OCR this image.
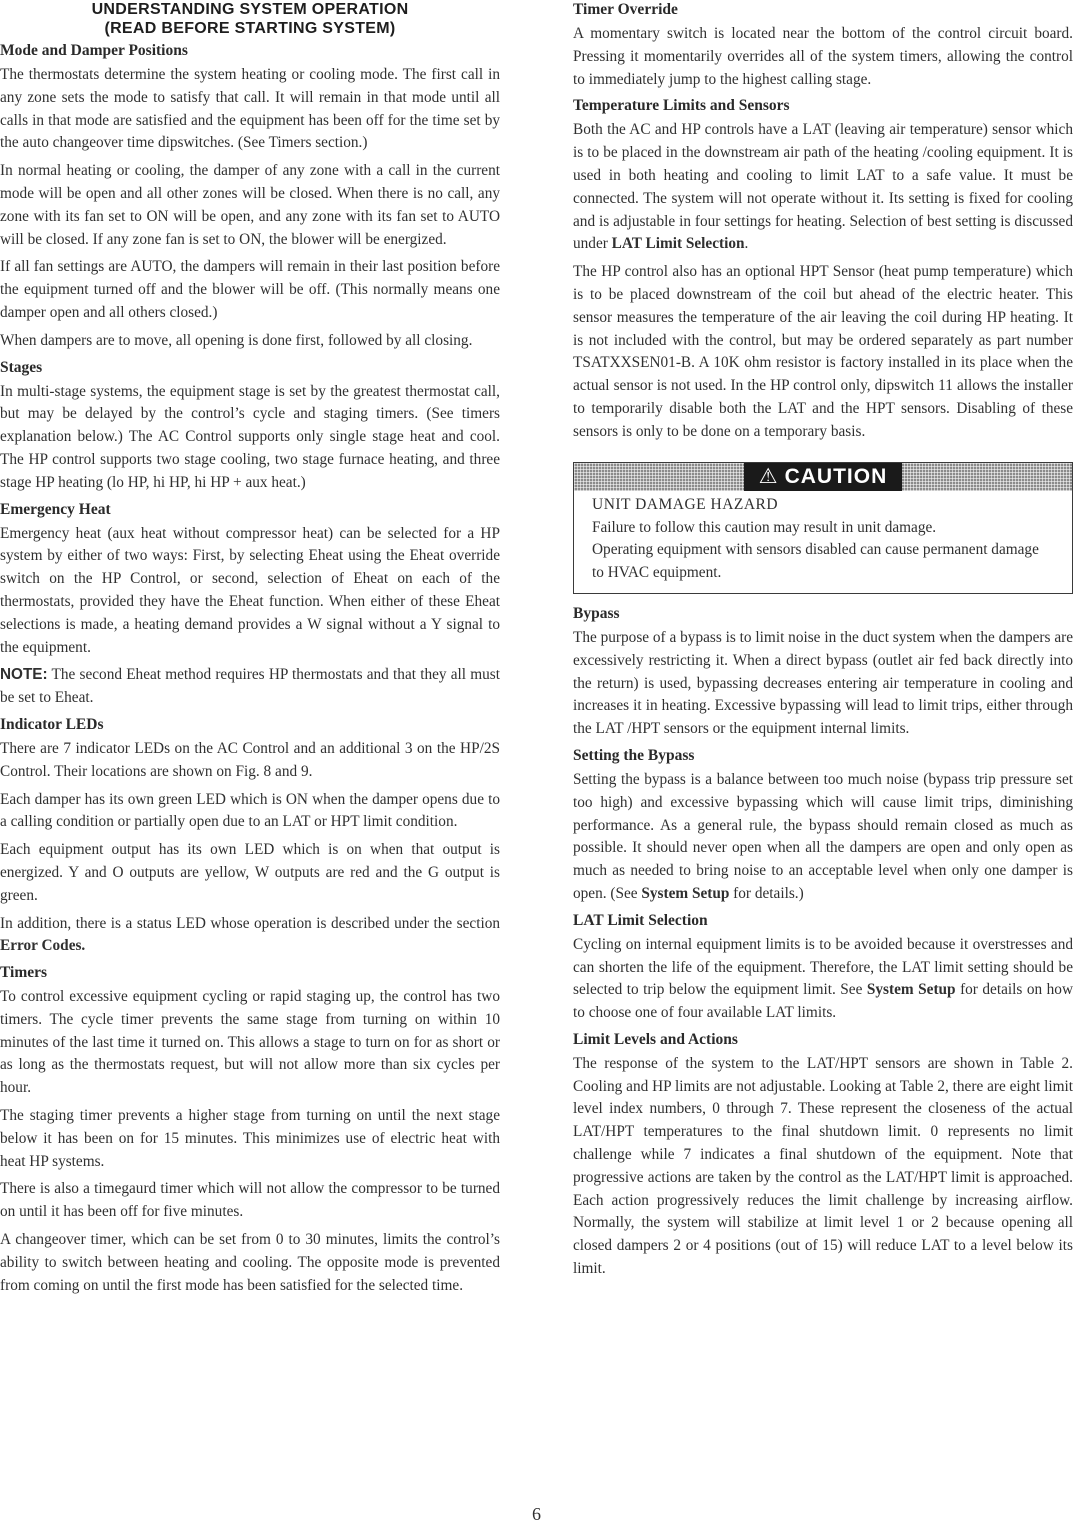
UNDERSTANDING SYSTEM OPERATION
(READ BEFORE STARTING SYSTEM)
Mode and Damper Positions

The thermostats determine the system heating or cooling mode. The first call in any zone sets the mode to satisfy that call. It will remain in that mode until all calls in that mode are satisfied and the equipment has been off for the time set by the auto changeover time dipswitches. (See Timers section.)

In normal heating or cooling, the damper of any zone with a call in the current mode will be open and all other zones will be closed. When there is no call, any zone with its fan set to ON will be open, and any zone with its fan set to AUTO will be closed. If any zone fan is set to ON, the blower will be energized.

If all fan settings are AUTO, the dampers will remain in their last position before the equipment turned off and the blower will be off. (This normally means one damper open and all others closed.)

When dampers are to move, all opening is done first, followed by all closing.

Stages

In multi-stage systems, the equipment stage is set by the greatest thermostat call, but may be delayed by the control’s cycle and staging timers. (See timers explanation below.) The AC Control supports only single stage heat and cool. The HP control supports two stage cooling, two stage furnace heating, and three stage HP heating (lo HP, hi HP, hi HP + aux heat.)

Emergency Heat

Emergency heat (aux heat without compressor heat) can be selected for a HP system by either of two ways: First, by selecting Eheat using the Eheat override switch on the HP Control, or second, selection of Eheat on each of the thermostats, provided they have the Eheat function. When either of these Eheat selections is made, a heating demand provides a W signal without a Y signal to the equipment.

NOTE: The second Eheat method requires HP thermostats and that they all must be set to Eheat.

Indicator LEDs

There are 7 indicator LEDs on the AC Control and an additional 3 on the HP/2S Control. Their locations are shown on Fig. 8 and 9.

Each damper has its own green LED which is ON when the damper opens due to a calling condition or partially open due to an LAT or HPT limit condition.

Each equipment output has its own LED which is on when that output is energized. Y and O outputs are yellow, W outputs are red and the G output is green.

In addition, there is a status LED whose operation is described under the section Error Codes.

Timers

To control excessive equipment cycling or rapid staging up, the control has two timers. The cycle timer prevents the same stage from turning on within 10 minutes of the last time it turned on. This allows a stage to turn on for as short or as long as the thermostats request, but will not allow more than six cycles per hour.

The staging timer prevents a higher stage from turning on until the next stage below it has been on for 15 minutes. This minimizes use of electric heat with heat HP systems.

There is also a timegaurd timer which will not allow the compressor to be turned on until it has been off for five minutes.

A changeover timer, which can be set from 0 to 30 minutes, limits the control’s ability to switch between heating and cooling. The opposite mode is prevented from coming on until the first mode has been satisfied for the selected time.

Timer Override

A momentary switch is located near the bottom of the control circuit board. Pressing it momentarily overrides all of the system timers, allowing the control to immediately jump to the highest calling stage.

Temperature Limits and Sensors

Both the AC and HP controls have a LAT (leaving air temperature) sensor which is to be placed in the downstream air path of the heating /cooling equipment. It is used in both heating and cooling to limit LAT to a safe value. It must be connected. The system will not operate without it. Its setting is fixed for cooling and is adjustable in four settings for heating. Selection of best setting is discussed under LAT Limit Selection.

The HP control also has an optional HPT Sensor (heat pump temperature) which is to be placed downstream of the coil but ahead of the electric heater. This sensor measures the temperature of the air leaving the coil during HP heating. It is not included with the control, but may be ordered separately as part number TSATXXSEN01-B. A 10K ohm resistor is factory installed in its place when the actual sensor is not used. In the HP control only, dipswitch 11 allows the installer to temporarily disable both the LAT and the HPT sensors. Disabling of these sensors is only to be done on a temporary basis.

⚠ CAUTION
UNIT DAMAGE HAZARD

Failure to follow this caution may result in unit damage.

Operating equipment with sensors disabled can cause permanent damage to HVAC equipment.

Bypass

The purpose of a bypass is to limit noise in the duct system when the dampers are excessively restricting it. When a direct bypass (outlet air fed back directly into the return) is used, bypassing decreases entering air temperature in cooling and increases it in heating. Excessive bypassing will lead to limit trips, either through the LAT /HPT sensors or the equipment internal limits.

Setting the Bypass

Setting the bypass is a balance between too much noise (bypass trip pressure set too high) and excessive bypassing which will cause limit trips, diminishing performance. As a general rule, the bypass should remain closed as much as possible. It should never open when all the dampers are open and only open as much as needed to bring noise to an acceptable level when only one damper is open. (See System Setup for details.)

LAT Limit Selection

Cycling on internal equipment limits is to be avoided because it overstresses and can shorten the life of the equipment. Therefore, the LAT limit setting should be selected to trip below the equipment limit. See System Setup for details on how to choose one of four available LAT limits.

Limit Levels and Actions

The response of the system to the LAT/HPT sensors are shown in Table 2. Cooling and HP limits are not adjustable. Looking at Table 2, there are eight limit level index numbers, 0 through 7. These represent the closeness of the actual LAT/HPT temperatures to the final shutdown limit. 0 represents no limit challenge while 7 indicates a final shutdown of the equipment. Note that progressive actions are taken by the control as the LAT/HPT limit is approached. Each action progressively reduces the limit challenge by increasing airflow. Normally, the system will stabilize at limit level 1 or 2 because opening all closed dampers 2 or 4 positions (out of 15) will reduce LAT to a level below its limit.

6
